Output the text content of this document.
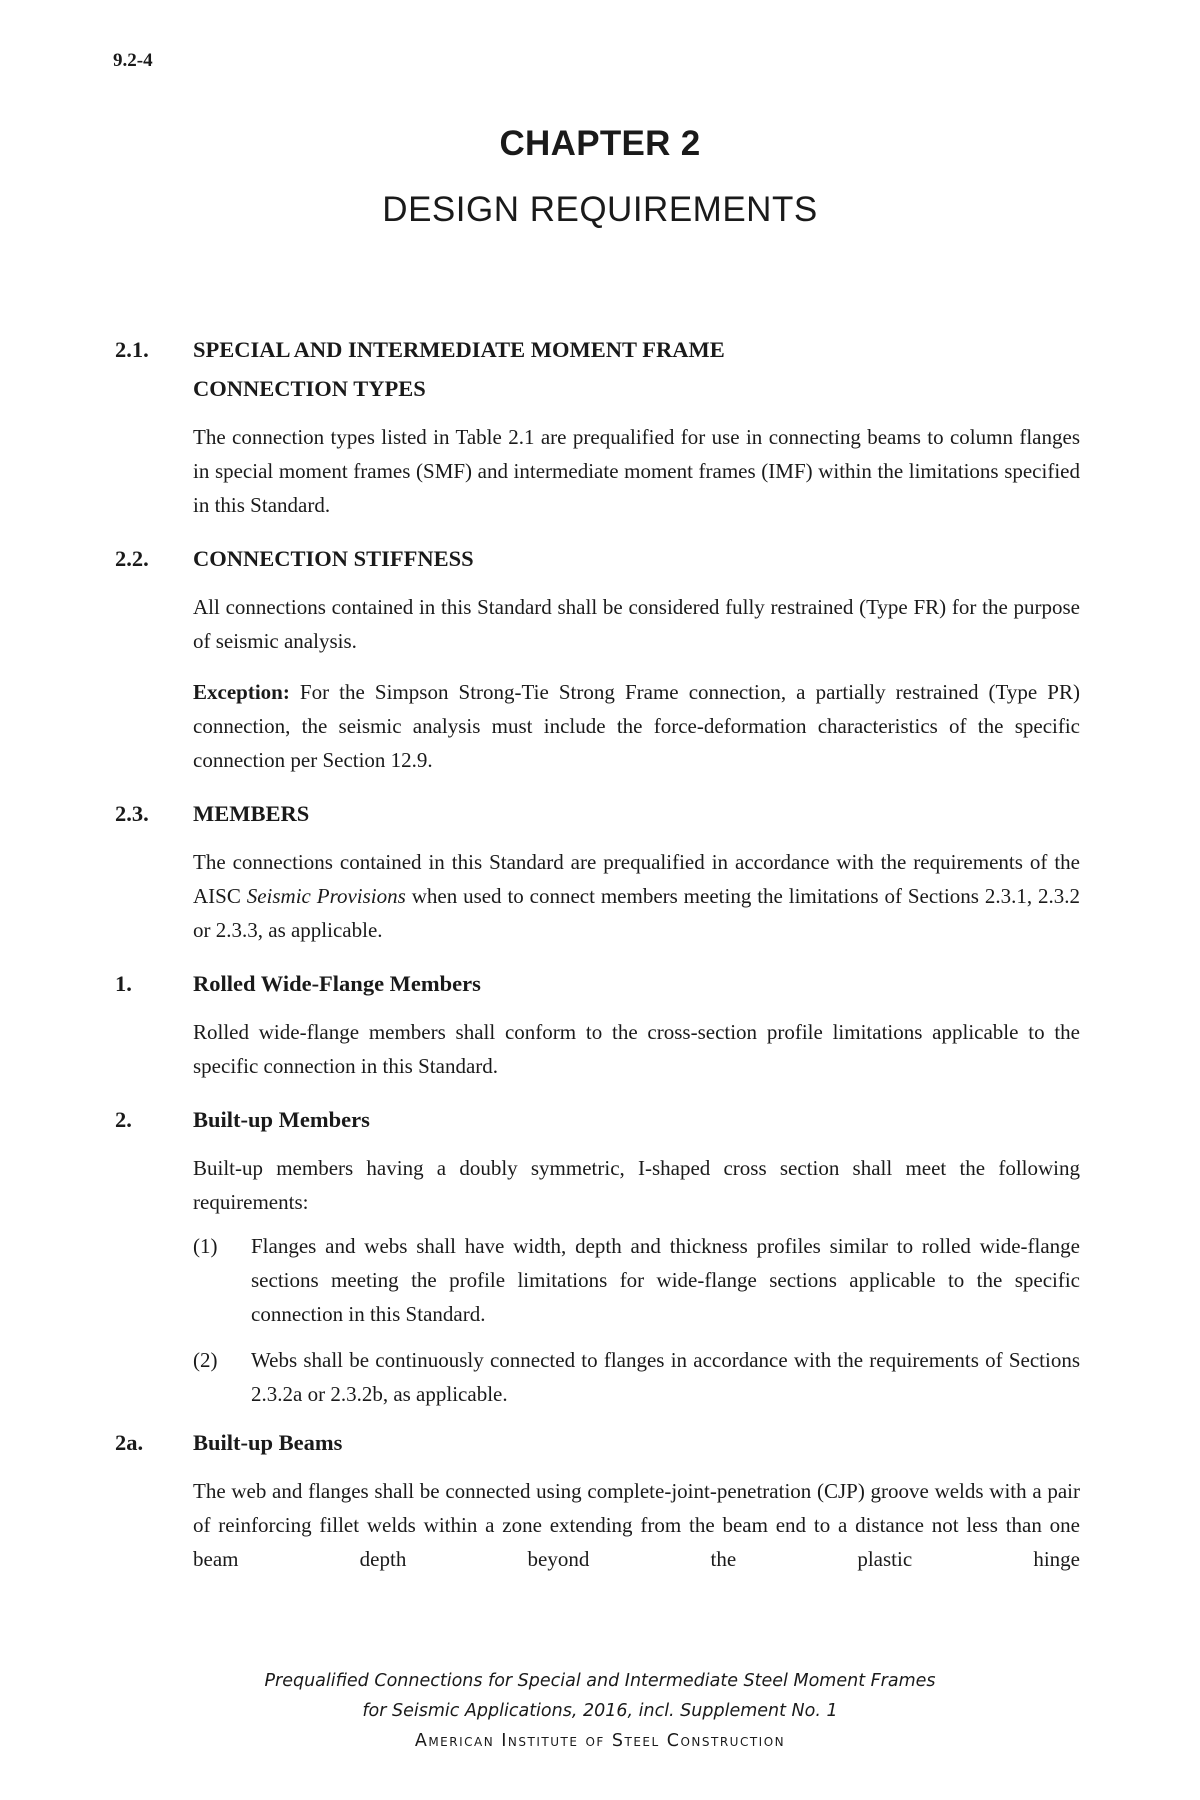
9.2-4
CHAPTER 2
DESIGN REQUIREMENTS
2.1. SPECIAL AND INTERMEDIATE MOMENT FRAME
CONNECTION TYPES

The connection types listed in Table 2.1 are prequalified for use in connecting beams to column flanges in special moment frames (SMF) and intermediate moment frames (IMF) within the limitations specified in this Standard.

2.2. CONNECTION STIFFNESS

All connections contained in this Standard shall be considered fully restrained (Type FR) for the purpose of seismic analysis.

Exception: For the Simpson Strong-Tie Strong Frame connection, a partially restrained (Type PR) connection, the seismic analysis must include the force-deformation characteristics of the specific connection per Section 12.9.

2.3. MEMBERS

The connections contained in this Standard are prequalified in accordance with the requirements of the AISC Seismic Provisions when used to connect members meeting the limitations of Sections 2.3.1, 2.3.2 or 2.3.3, as applicable.

1.	Rolled Wide-Flange Members

Rolled wide-flange members shall conform to the cross-section profile limitations applicable to the specific connection in this Standard.

2.	Built-up Members

Built-up members having a doubly symmetric, I-shaped cross section shall meet the following requirements:

(1) Flanges and webs shall have width, depth and thickness profiles similar to rolled wide-flange sections meeting the profile limitations for wide-flange sections applicable to the specific connection in this Standard.
(2) Webs shall be continuously connected to flanges in accordance with the requirements of Sections 2.3.2a or 2.3.2b, as applicable.
2a. Built-up Beams

The web and flanges shall be connected using complete-joint-penetration (CJP) groove welds with a pair of reinforcing fillet welds within a zone extending from the beam end to a distance not less than one beam depth beyond the plastic hinge

Prequalified Connections for Special and Intermediate Steel Moment Frames
for Seismic Applications, 2016, incl. Supplement No. 1
American Institute of Steel Construction
